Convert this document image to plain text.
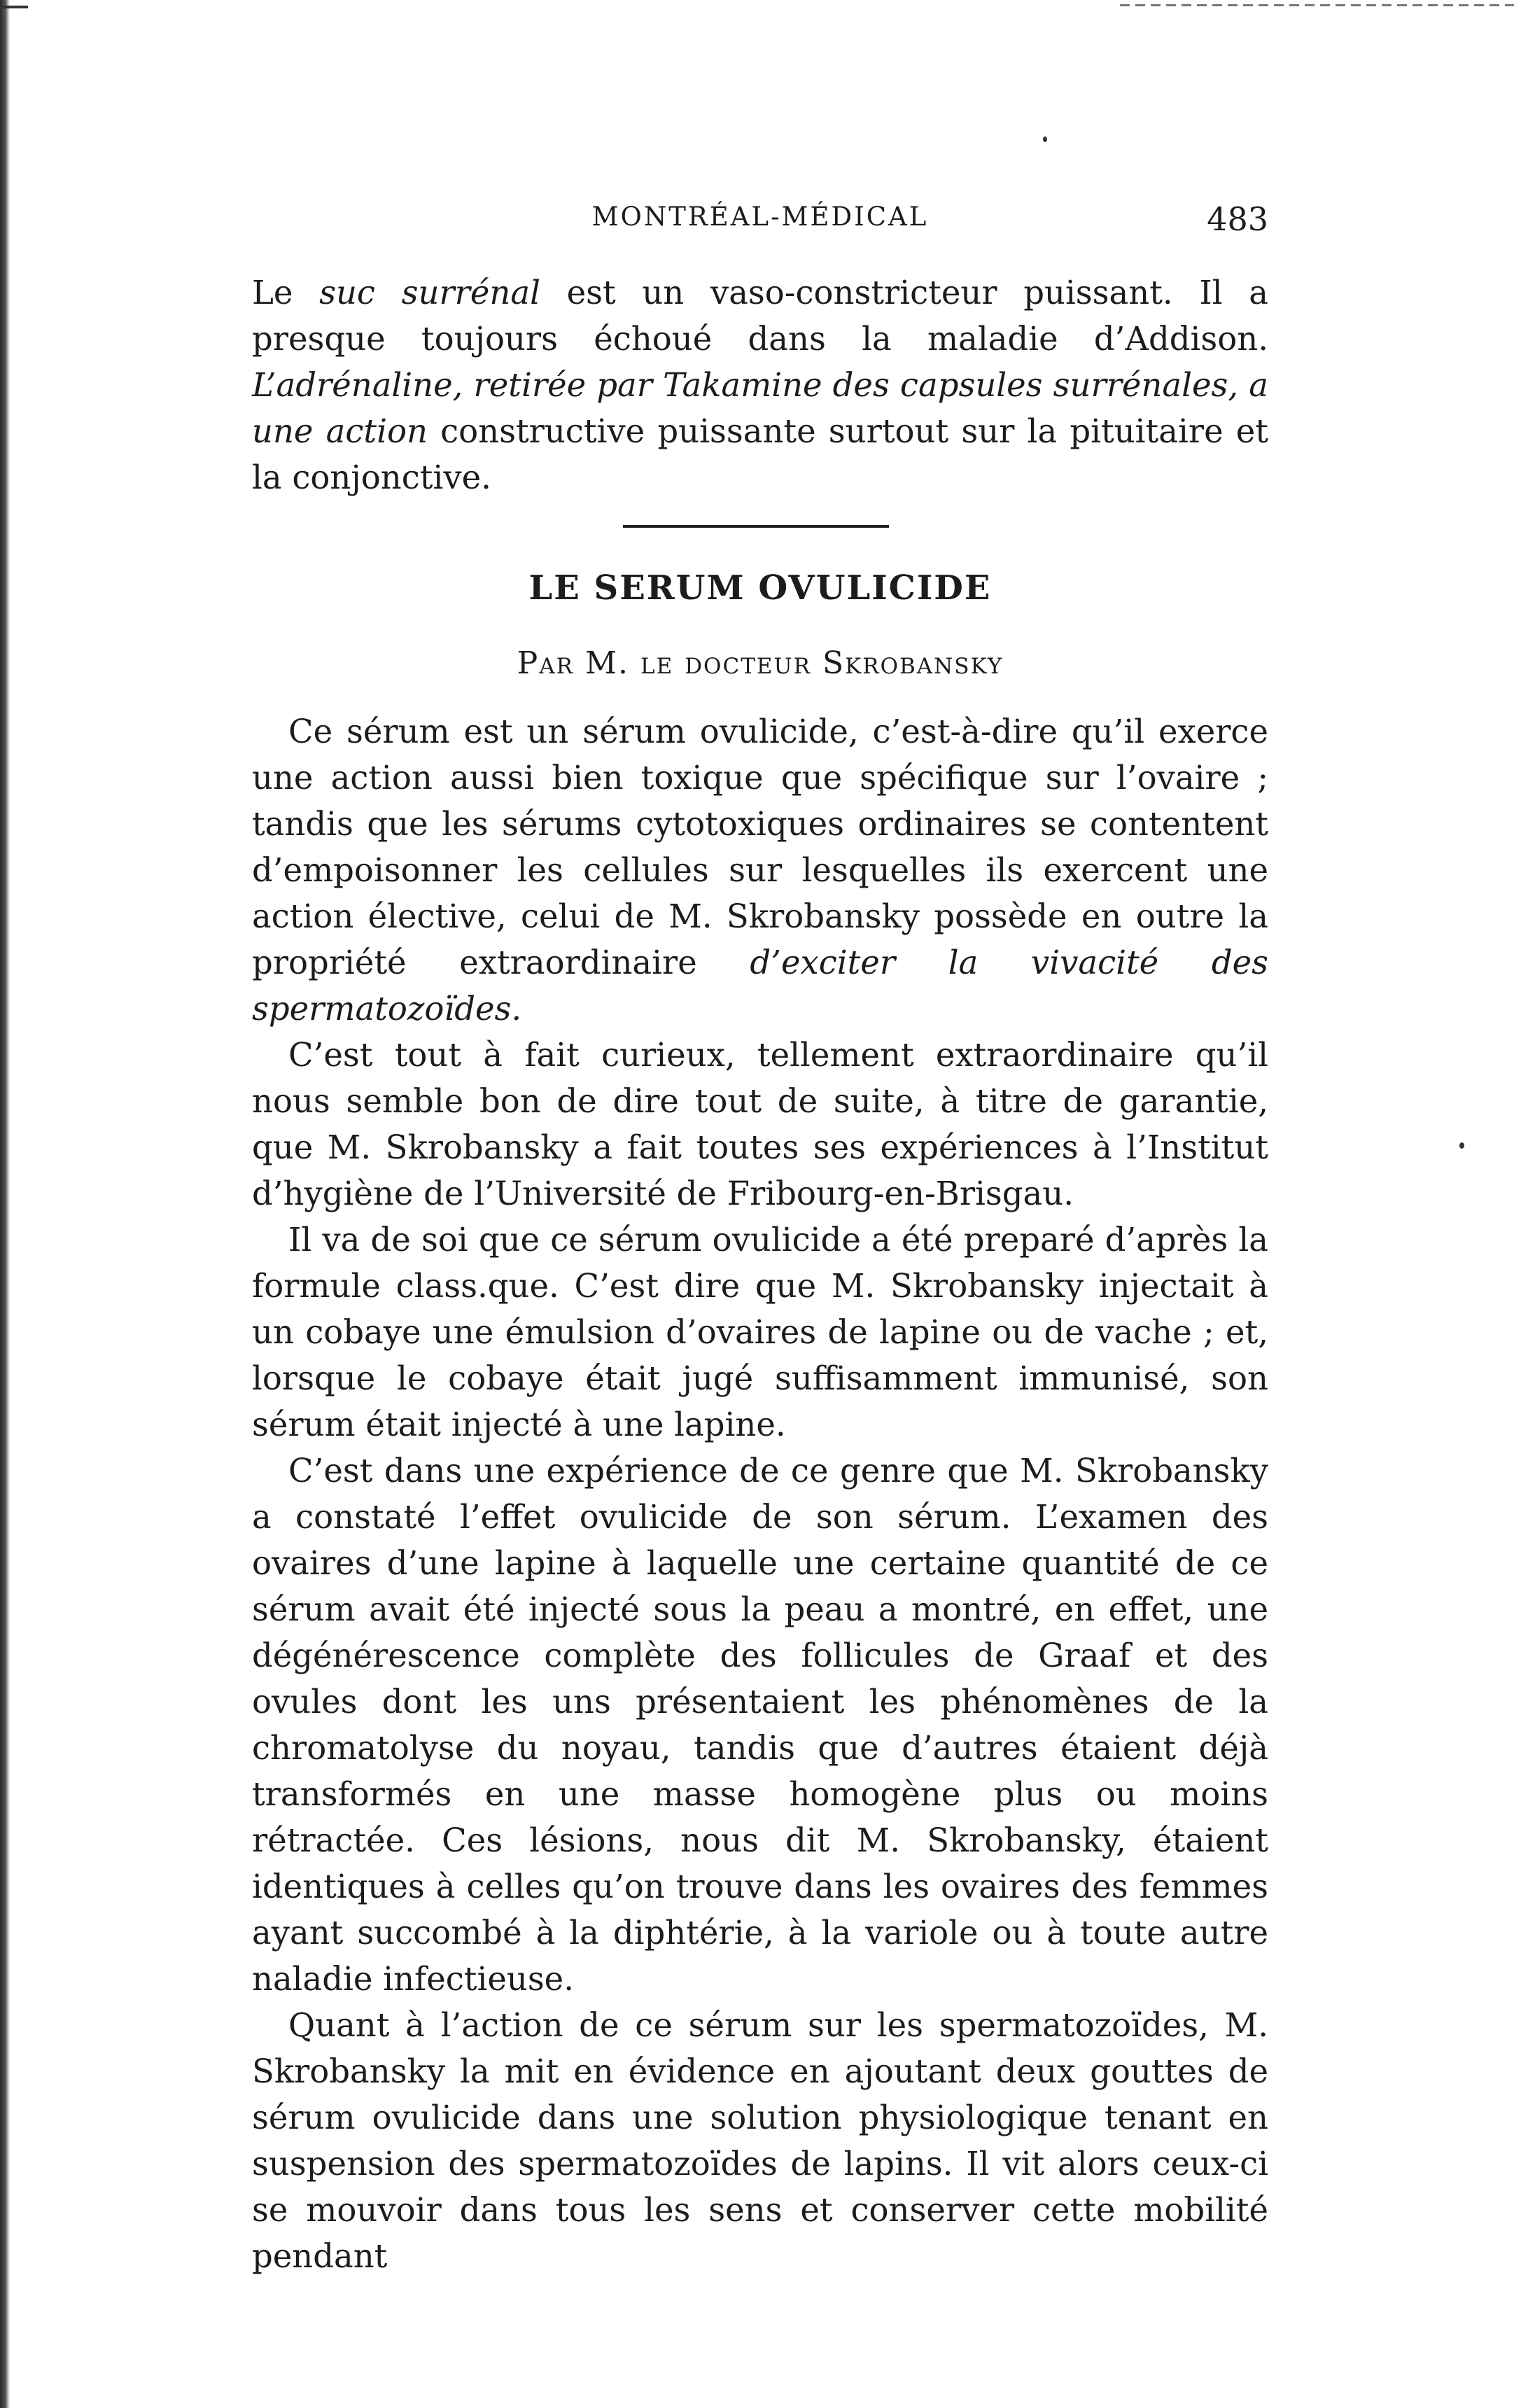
MONTRÉAL-MÉDICAL	483

Le suc surrénal est un vaso-constricteur puissant. Il a presque toujours échoué dans la maladie d’Addison. L’adrénaline, retirée par Takamine des capsules surrénales, a une action constructive puissante surtout sur la pituitaire et la conjonctive.

LE SERUM OVULICIDE
Par M. le docteur Skrobansky

Ce sérum est un sérum ovulicide, c’est-à-dire qu’il exerce une action aussi bien toxique que spécifique sur l’ovaire ; tandis que les sérums cytotoxiques ordinaires se contentent d’empoisonner les cellules sur lesquelles ils exercent une action élective, celui de M. Skrobansky possède en outre la propriété extraordinaire d’exciter la vivacité des spermatozoïdes.

C’est tout à fait curieux, tellement extraordinaire qu’il nous semble bon de dire tout de suite, à titre de garantie, que M. Skrobansky a fait toutes ses expériences à l’Institut d’hygiène de l’Université de Fribourg-en-Brisgau.

Il va de soi que ce sérum ovulicide a été preparé d’après la formule class.que. C’est dire que M. Skrobansky injectait à un cobaye une émulsion d’ovaires de lapine ou de vache ; et, lorsque le cobaye était jugé suffisamment immunisé, son sérum était injecté à une lapine.

C’est dans une expérience de ce genre que M. Skrobansky a constaté l’effet ovulicide de son sérum. L’examen des ovaires d’une lapine à laquelle une certaine quantité de ce sérum avait été injecté sous la peau a montré, en effet, une dégénérescence complète des follicules de Graaf et des ovules dont les uns présentaient les phénomènes de la chromatolyse du noyau, tandis que d’autres étaient déjà transformés en une masse homogène plus ou moins rétractée. Ces lésions, nous dit M. Skrobansky, étaient identiques à celles qu’on trouve dans les ovaires des femmes ayant succombé à la diphtérie, à la variole ou à toute autre naladie infectieuse.

Quant à l’action de ce sérum sur les spermatozoïdes, M. Skrobansky la mit en évidence en ajoutant deux gouttes de sérum ovulicide dans une solution physiologique tenant en suspension des spermatozoïdes de lapins. Il vit alors ceux-ci se mouvoir dans tous les sens et conserver cette mobilité pendant
